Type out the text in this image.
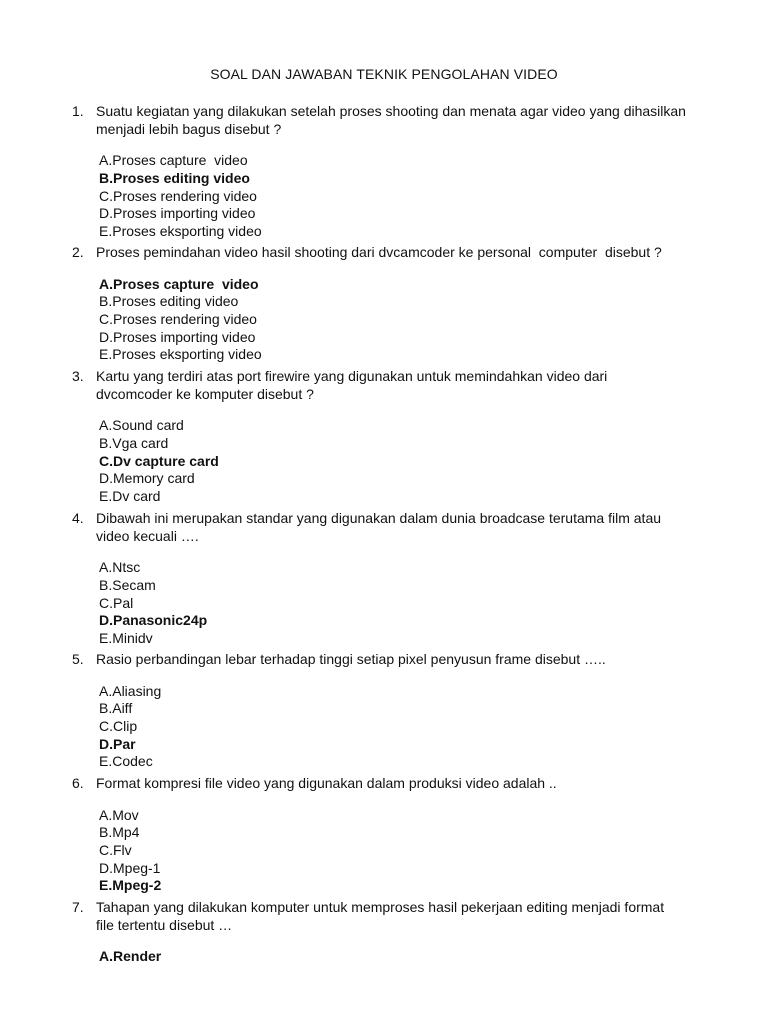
SOAL DAN JAWABAN TEKNIK PENGOLAHAN VIDEO
1. Suatu kegiatan yang dilakukan setelah proses shooting dan menata agar video yang dihasilkan
menjadi lebih bagus disebut ?
A.Proses capture  video
B.Proses editing video
C.Proses rendering video
D.Proses importing video
E.Proses eksporting video
2. Proses pemindahan video hasil shooting dari dvcamcoder ke personal  computer  disebut ?
A.Proses capture  video
B.Proses editing video
C.Proses rendering video
D.Proses importing video
E.Proses eksporting video
3. Kartu yang terdiri atas port firewire yang digunakan untuk memindahkan video dari
dvcomcoder ke komputer disebut ?
A.Sound card
B.Vga card
C.Dv capture card
D.Memory card
E.Dv card
4. Dibawah ini merupakan standar yang digunakan dalam dunia broadcase terutama film atau
video kecuali ….
A.Ntsc
B.Secam
C.Pal
D.Panasonic24p
E.Minidv
5. Rasio perbandingan lebar terhadap tinggi setiap pixel penyusun frame disebut …..
A.Aliasing
B.Aiff
C.Clip
D.Par
E.Codec
6. Format kompresi file video yang digunakan dalam produksi video adalah ..
A.Mov
B.Mp4
C.Flv
D.Mpeg-1
E.Mpeg-2
7. Tahapan yang dilakukan komputer untuk memproses hasil pekerjaan editing menjadi format
file tertentu disebut …
A.Render
